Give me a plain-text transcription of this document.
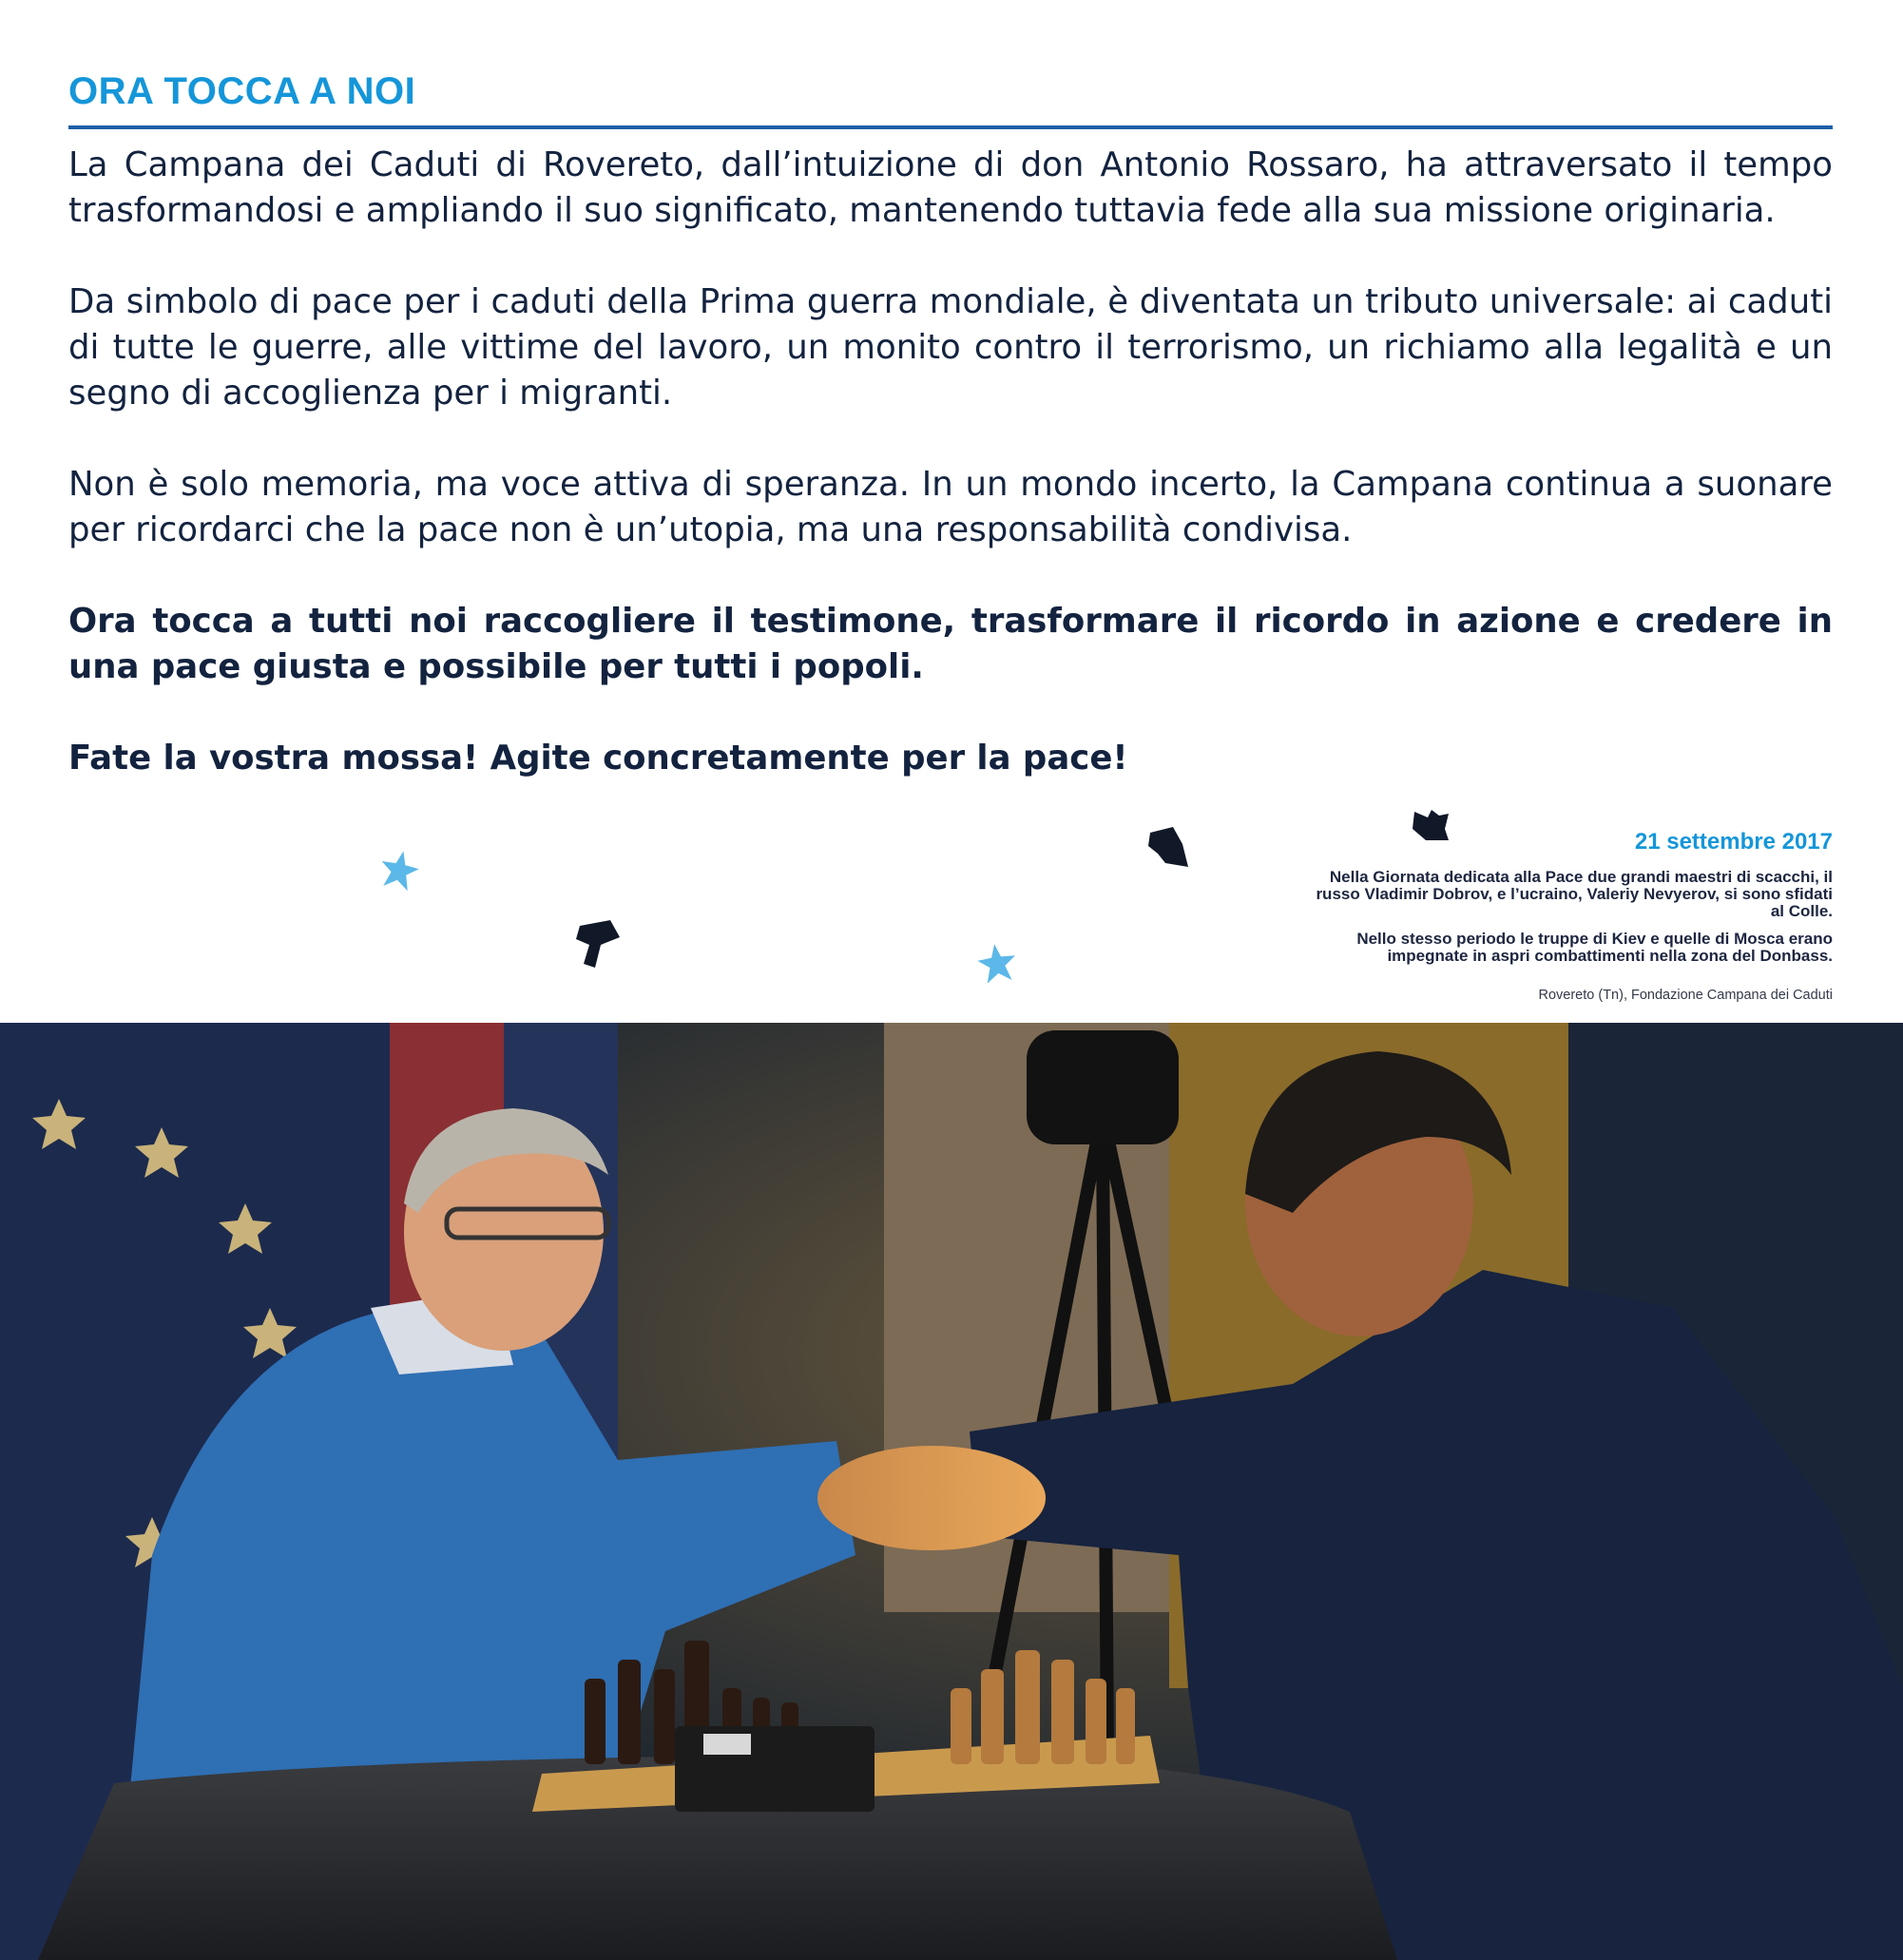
ORA TOCCA A NOI

La Campana dei Caduti di Rovereto, dall’intuizione di don Antonio Rossaro, ha attraversato il tempo trasformandosi e ampliando il suo significato, mantenendo tuttavia fede alla sua missione originaria.

Da simbolo di pace per i caduti della Prima guerra mondiale, è diventata un tributo universale: ai caduti di tutte le guerre, alle vittime del lavoro, un monito contro il terrorismo, un richiamo alla legalità e un segno di accoglienza per i migranti.

Non è solo memoria, ma voce attiva di speranza. In un mondo incerto, la Campana continua a suonare per ricordarci che la pace non è un’utopia, ma una responsabilità condivisa.

Ora tocca a tutti noi raccogliere il testimone, trasformare il ricordo in azione e credere in una pace giusta e possibile per tutti i popoli.

Fate la vostra mossa! Agite concretamente per la pace!

21 settembre 2017
Nella Giornata dedicata alla Pace due grandi maestri di scacchi, il russo Vladimir Dobrov, e l’ucraino, Valeriy Nevyerov, si sono sfidati al Colle.
Nello stesso periodo le truppe di Kiev e quelle di Mosca erano impegnate in aspri combattimenti nella zona del Donbass.
Rovereto (Tn), Fondazione Campana dei Caduti
